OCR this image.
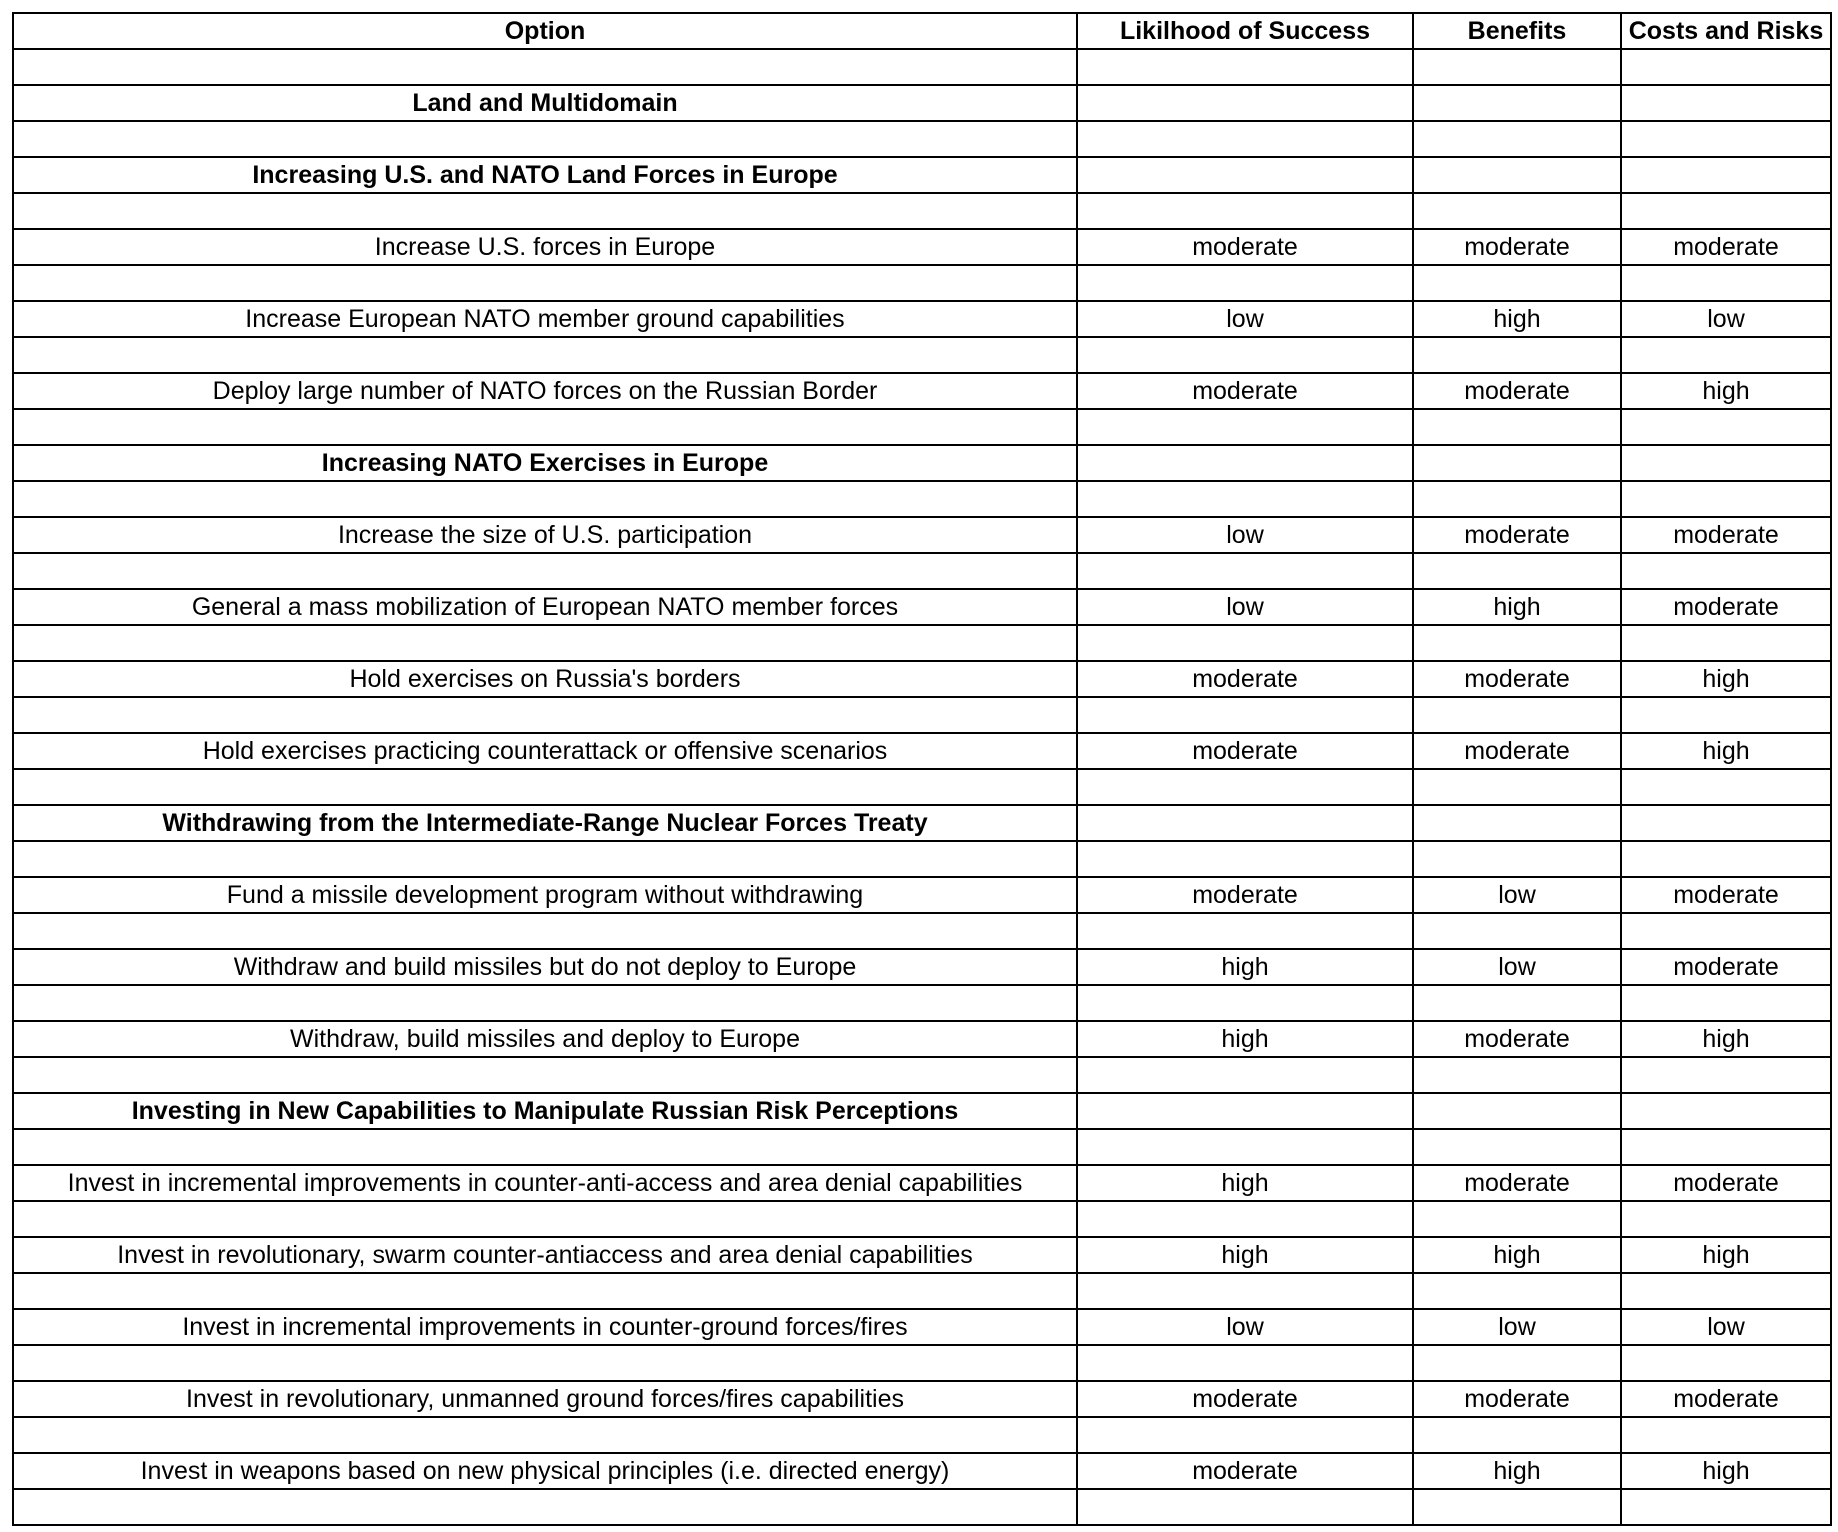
Option	Likilhood of Success	Benefits	Costs and Risks

Land and Multidomain			

Increasing U.S. and NATO Land Forces in Europe			

Increase U.S. forces in Europe	moderate	moderate	moderate

Increase European NATO member ground capabilities	low	high	low

Deploy large number of NATO forces on the Russian Border	moderate	moderate	high

Increasing NATO Exercises in Europe			

Increase the size of U.S. participation	low	moderate	moderate

General a mass mobilization of European NATO member forces	low	high	moderate

Hold exercises on Russia's borders	moderate	moderate	high

Hold exercises practicing counterattack or offensive scenarios	moderate	moderate	high

Withdrawing from the Intermediate-Range Nuclear Forces Treaty			

Fund a missile development program without withdrawing	moderate	low	moderate

Withdraw and build missiles but do not deploy to Europe	high	low	moderate

Withdraw, build missiles and deploy to Europe	high	moderate	high

Investing in New Capabilities to Manipulate Russian Risk Perceptions			

Invest in incremental improvements in counter-anti-access and area denial capabilities	high	moderate	moderate

Invest in revolutionary, swarm counter-antiaccess and area denial capabilities	high	high	high

Invest in incremental improvements in counter-ground forces/fires	low	low	low

Invest in revolutionary, unmanned ground forces/fires capabilities	moderate	moderate	moderate

Invest in weapons based on new physical principles (i.e. directed energy)	moderate	high	high
